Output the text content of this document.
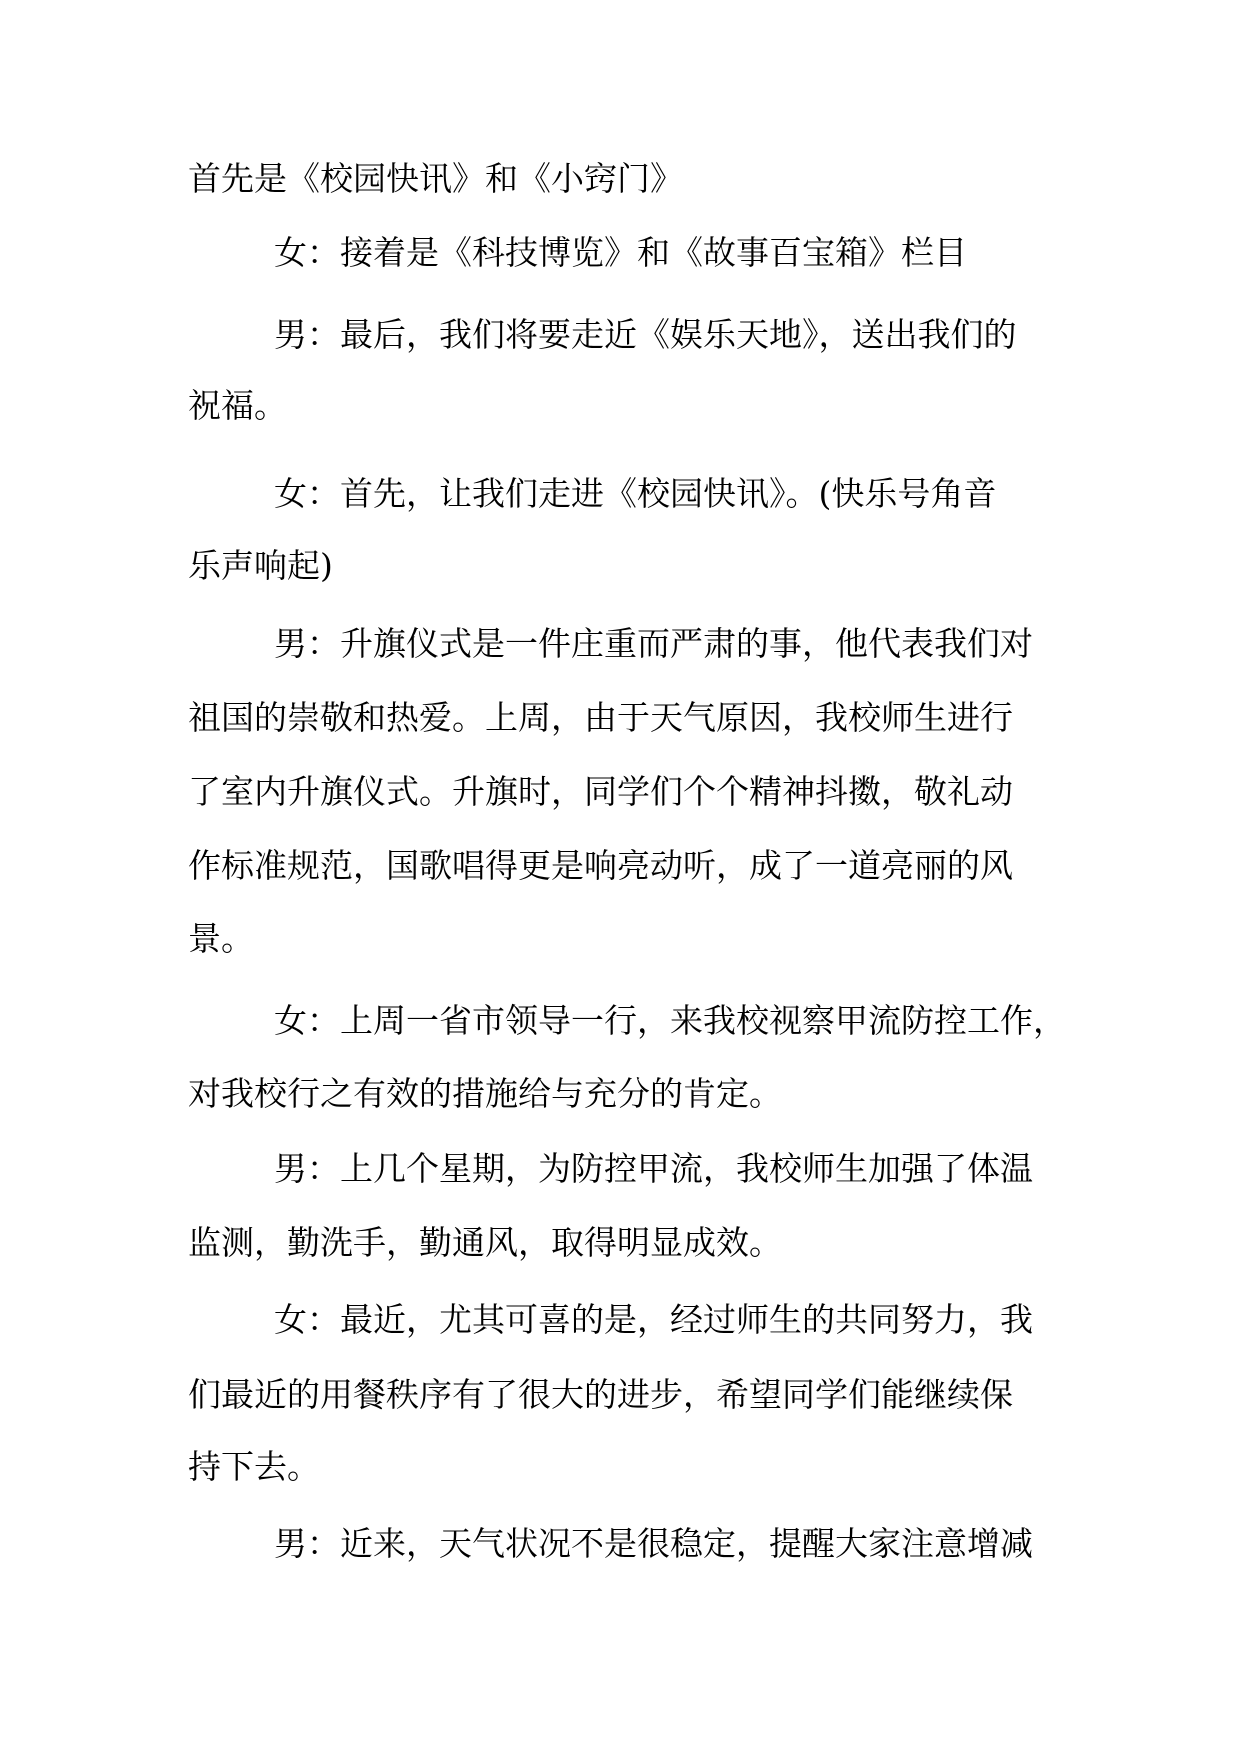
首先是《校园快讯》和《小窍门》
女：接着是《科技博览》和《故事百宝箱》栏目
男：最后，我们将要走近《娱乐天地》，送出我们的
祝福。
女：首先，让我们走进《校园快讯》。(快乐号角音
乐声响起)
男：升旗仪式是一件庄重而严肃的事，他代表我们对
祖国的崇敬和热爱。上周，由于天气原因，我校师生进行
了室内升旗仪式。升旗时，同学们个个精神抖擞，敬礼动
作标准规范，国歌唱得更是响亮动听，成了一道亮丽的风
景。
女：上周一省市领导一行，来我校视察甲流防控工作，
对我校行之有效的措施给与充分的肯定。
男：上几个星期，为防控甲流，我校师生加强了体温
监测，勤洗手，勤通风，取得明显成效。
女：最近，尤其可喜的是，经过师生的共同努力，我
们最近的用餐秩序有了很大的进步，希望同学们能继续保
持下去。
男：近来，天气状况不是很稳定，提醒大家注意增减
